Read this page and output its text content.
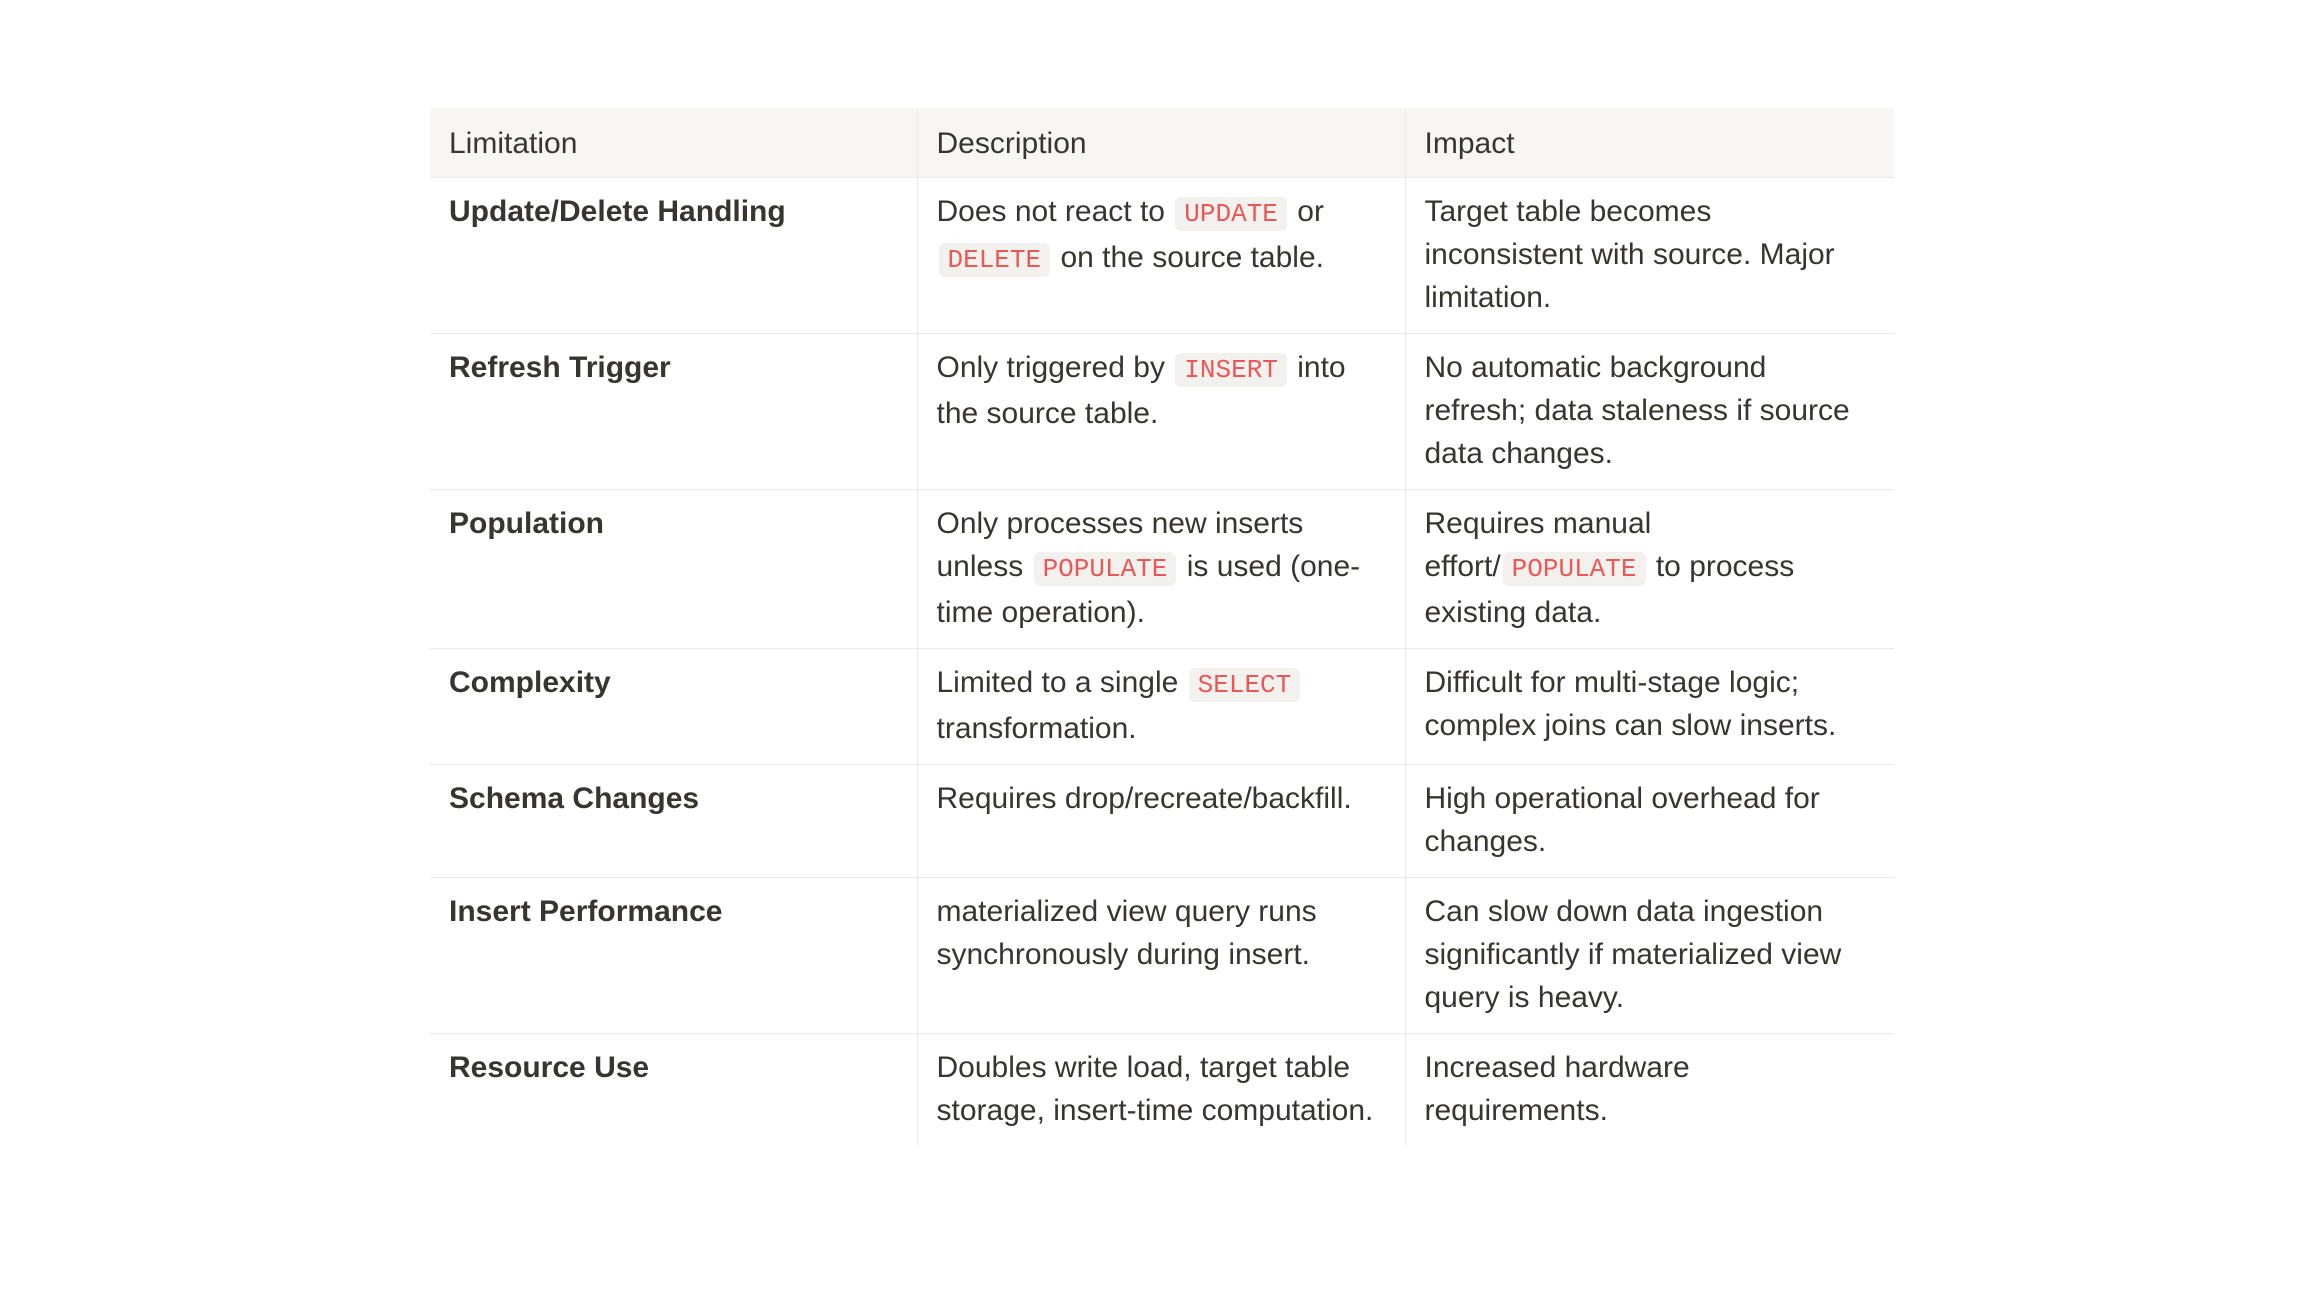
Limitation	Description	Impact
Update/Delete Handling	Does not react to UPDATE or DELETE on the source table.	Target table becomes inconsistent with source. Major limitation.
Refresh Trigger	Only triggered by INSERT into the source table.	No automatic background refresh; data staleness if source data changes.
Population	Only processes new inserts unless POPULATE is used (one-time operation).	Requires manual effort/ POPULATE to process existing data.
Complexity	Limited to a single SELECT transformation.	Difficult for multi-stage logic; complex joins can slow inserts.
Schema Changes	Requires drop/recreate/backfill.	High operational overhead for changes.
Insert Performance	materialized view query runs synchronously during insert.	Can slow down data ingestion significantly if materialized view query is heavy.
Resource Use	Doubles write load, target table storage, insert-time computation.	Increased hardware requirements.
